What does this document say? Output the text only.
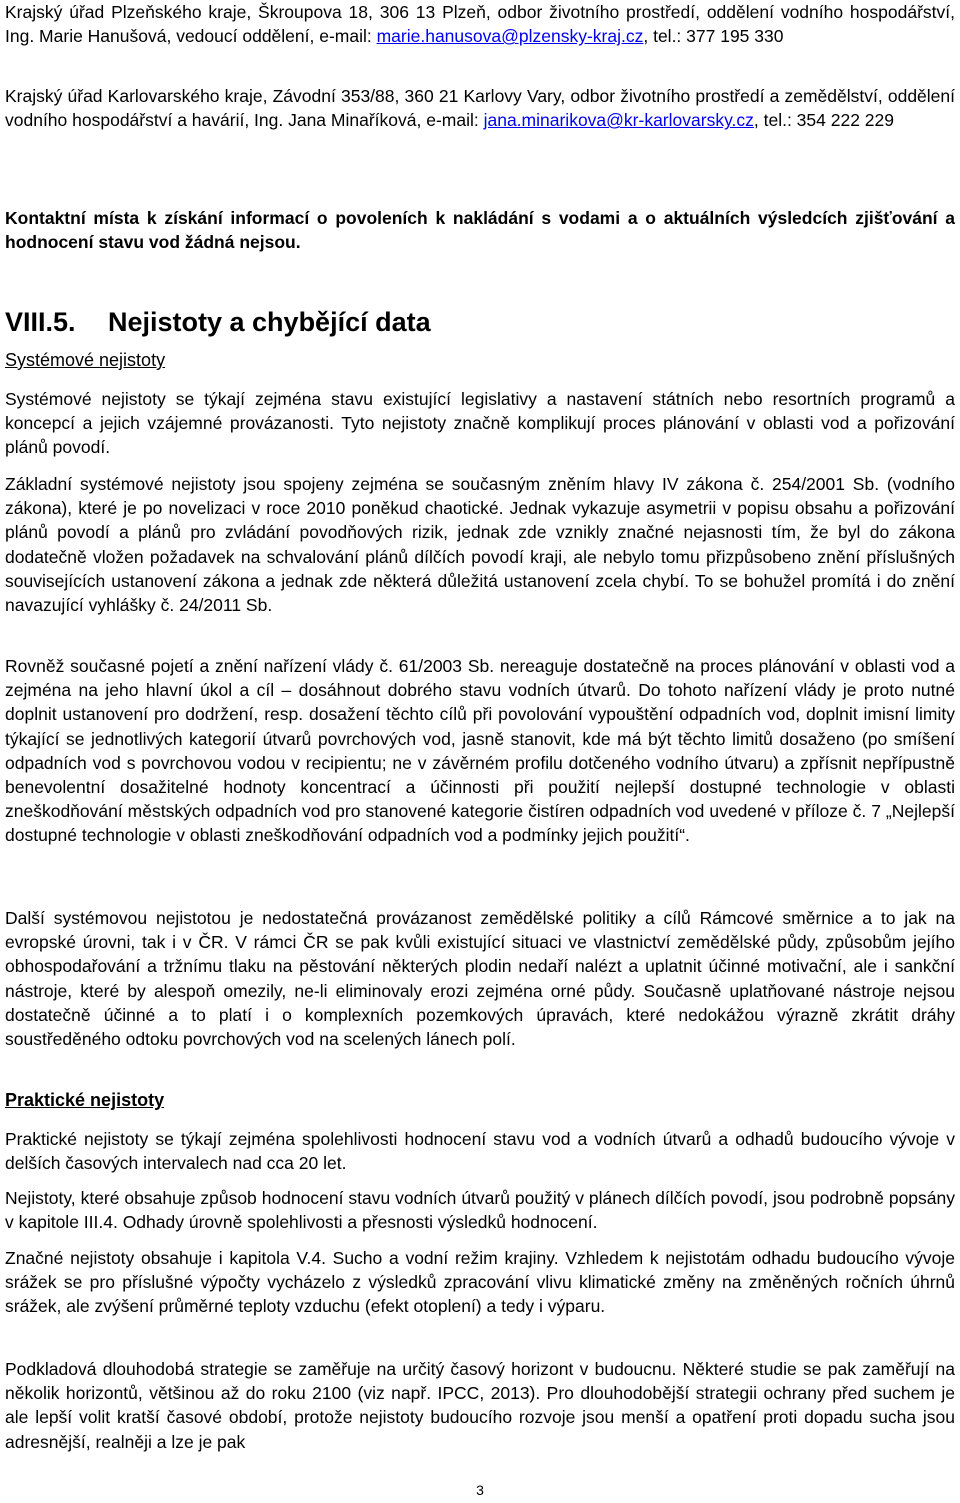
Krajský úřad Plzeňského kraje, Škroupova 18, 306 13 Plzeň, odbor životního prostředí, oddělení vodního hospodářství, Ing. Marie Hanušová, vedoucí oddělení, e-mail: marie.hanusova@plzensky-kraj.cz, tel.: 377 195 330

Krajský úřad Karlovarského kraje, Závodní 353/88, 360 21 Karlovy Vary, odbor životního prostředí a zemědělství, oddělení vodního hospodářství a havárií, Ing. Jana Minaříková, e-mail: jana.minarikova@kr-karlovarsky.cz, tel.: 354 222 229

Kontaktní místa k získání informací o povoleních k nakládání s vodami a o aktuálních výsledcích zjišťování a hodnocení stavu vod žádná nejsou.

VIII.5. Nejistoty a chybějící data
Systémové nejistoty

Systémové nejistoty se týkají zejména stavu existující legislativy a nastavení státních nebo resortních programů a koncepcí a jejich vzájemné provázanosti. Tyto nejistoty značně komplikují proces plánování v oblasti vod a pořizování plánů povodí.

Základní systémové nejistoty jsou spojeny zejména se současným zněním hlavy IV zákona č. 254/2001 Sb. (vodního zákona), které je po novelizaci v roce 2010 poněkud chaotické. Jednak vykazuje asymetrii v popisu obsahu a pořizování plánů povodí a plánů pro zvládání povodňových rizik, jednak zde vznikly značné nejasnosti tím, že byl do zákona dodatečně vložen požadavek na schvalování plánů dílčích povodí kraji, ale nebylo tomu přizpůsobeno znění příslušných souvisejících ustanovení zákona a jednak zde některá důležitá ustanovení zcela chybí. To se bohužel promítá i do znění navazující vyhlášky č. 24/2011 Sb.

Rovněž současné pojetí a znění nařízení vlády č. 61/2003 Sb. nereaguje dostatečně na proces plánování v oblasti vod a zejména na jeho hlavní úkol a cíl – dosáhnout dobrého stavu vodních útvarů. Do tohoto nařízení vlády je proto nutné doplnit ustanovení pro dodržení, resp. dosažení těchto cílů při povolování vypouštění odpadních vod, doplnit imisní limity týkající se jednotlivých kategorií útvarů povrchových vod, jasně stanovit, kde má být těchto limitů dosaženo (po smíšení odpadních vod s povrchovou vodou v recipientu; ne v závěrném profilu dotčeného vodního útvaru) a zpřísnit nepřípustně benevolentní dosažitelné hodnoty koncentrací a účinnosti při použití nejlepší dostupné technologie v oblasti zneškodňování městských odpadních vod pro stanovené kategorie čistíren odpadních vod uvedené v příloze č. 7 „Nejlepší dostupné technologie v oblasti zneškodňování odpadních vod a podmínky jejich použití“.

Další systémovou nejistotou je nedostatečná provázanost zemědělské politiky a cílů Rámcové směrnice a to jak na evropské úrovni, tak i v ČR. V rámci ČR se pak kvůli existující situaci ve vlastnictví zemědělské půdy, způsobům jejího obhospodařování a tržnímu tlaku na pěstování některých plodin nedaří nalézt a uplatnit účinné motivační, ale i sankční nástroje, které by alespoň omezily, ne-li eliminovaly erozi zejména orné půdy. Současně uplatňované nástroje nejsou dostatečně účinné a to platí i o komplexních pozemkových úpravách, které nedokážou výrazně zkrátit dráhy soustředěného odtoku povrchových vod na scelených lánech polí.

Praktické nejistoty

Praktické nejistoty se týkají zejména spolehlivosti hodnocení stavu vod a vodních útvarů a odhadů budoucího vývoje v delších časových intervalech nad cca 20 let.

Nejistoty, které obsahuje způsob hodnocení stavu vodních útvarů použitý v plánech dílčích povodí, jsou podrobně popsány v kapitole III.4. Odhady úrovně spolehlivosti a přesnosti výsledků hodnocení.

Značné nejistoty obsahuje i kapitola V.4. Sucho a vodní režim krajiny. Vzhledem k nejistotám odhadu budoucího vývoje srážek se pro příslušné výpočty vycházelo z výsledků zpracování vlivu klimatické změny na změněných ročních úhrnů srážek, ale zvýšení průměrné teploty vzduchu (efekt otoplení) a tedy i výparu.

Podkladová dlouhodobá strategie se zaměřuje na určitý časový horizont v budoucnu. Některé studie se pak zaměřují na několik horizontů, většinou až do roku 2100 (viz např. IPCC, 2013). Pro dlouhodobější strategii ochrany před suchem je ale lepší volit kratší časové období, protože nejistoty budoucího rozvoje jsou menší a opatření proti dopadu sucha jsou adresnější, realněji a lze je pak

3
